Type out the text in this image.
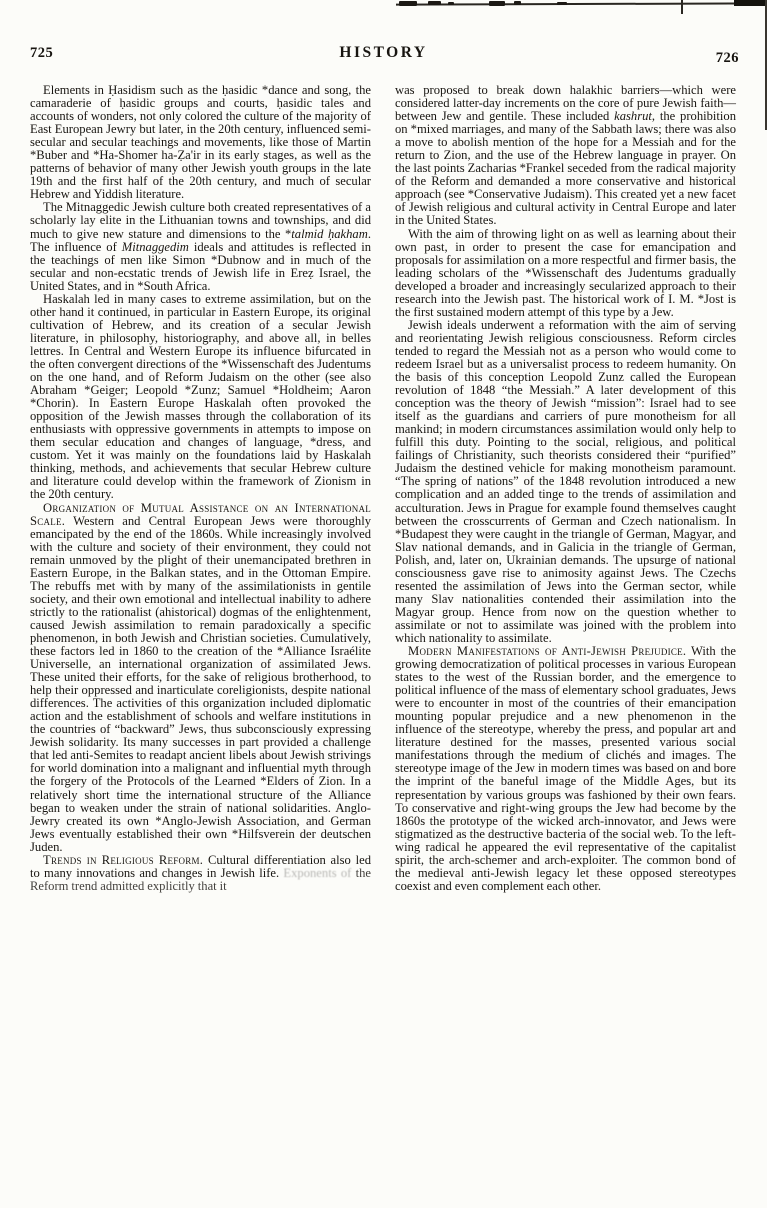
725	HISTORY	726

Elements in Ḥasidism such as the ḥasidic *dance and song, the camaraderie of ḥasidic groups and courts, ḥasidic tales and accounts of wonders, not only colored the culture of the majority of East European Jewry but later, in the 20th century, influenced semi-secular and secular teachings and movements, like those of Martin *Buber and *Ha-Shomer ha-Ẓa'ir in its early stages, as well as the patterns of behavior of many other Jewish youth groups in the late 19th and the first half of the 20th century, and much of secular Hebrew and Yiddish literature.

The Mitnaggedic Jewish culture both created representatives of a scholarly lay elite in the Lithuanian towns and townships, and did much to give new stature and dimensions to the *talmid ḥakham. The influence of Mitnaggedim ideals and attitudes is reflected in the teachings of men like Simon *Dubnow and in much of the secular and non-ecstatic trends of Jewish life in Ereẓ Israel, the United States, and in *South Africa.

Haskalah led in many cases to extreme assimilation, but on the other hand it continued, in particular in Eastern Europe, its original cultivation of Hebrew, and its creation of a secular Jewish literature, in philosophy, historiography, and above all, in belles lettres. In Central and Western Europe its influence bifurcated in the often convergent directions of the *Wissenschaft des Judentums on the one hand, and of Reform Judaism on the other (see also Abraham *Geiger; Leopold *Zunz; Samuel *Holdheim; Aaron *Chorin). In Eastern Europe Haskalah often provoked the opposition of the Jewish masses through the collaboration of its enthusiasts with oppressive governments in attempts to impose on them secular education and changes of language, *dress, and custom. Yet it was mainly on the foundations laid by Haskalah thinking, methods, and achievements that secular Hebrew culture and literature could develop within the framework of Zionism in the 20th century.

Organization of Mutual Assistance on an International Scale. Western and Central European Jews were thoroughly emancipated by the end of the 1860s. While increasingly involved with the culture and society of their environment, they could not remain unmoved by the plight of their unemancipated brethren in Eastern Europe, in the Balkan states, and in the Ottoman Empire. The rebuffs met with by many of the assimilationists in gentile society, and their own emotional and intellectual inability to adhere strictly to the rationalist (ahistorical) dogmas of the enlightenment, caused Jewish assimilation to remain paradoxically a specific phenomenon, in both Jewish and Christian societies. Cumulatively, these factors led in 1860 to the creation of the *Alliance Israélite Universelle, an international organization of assimilated Jews. These united their efforts, for the sake of religious brotherhood, to help their oppressed and inarticulate coreligionists, despite national differences. The activities of this organization included diplomatic action and the establishment of schools and welfare institutions in the countries of “backward” Jews, thus subconsciously expressing Jewish solidarity. Its many successes in part provided a challenge that led anti-Semites to readapt ancient libels about Jewish strivings for world domination into a malignant and influential myth through the forgery of the Protocols of the Learned *Elders of Zion. In a relatively short time the international structure of the Alliance began to weaken under the strain of national solidarities. Anglo-Jewry created its own *Anglo-Jewish Association, and German Jews eventually established their own *Hilfsverein der deutschen Juden.

Trends in Religious Reform. Cultural differentiation also led to many innovations and changes in Jewish life. Exponents of the Reform trend admitted explicitly that it

was proposed to break down halakhic barriers—which were considered latter-day increments on the core of pure Jewish faith—between Jew and gentile. These included kashrut, the prohibition on *mixed marriages, and many of the Sabbath laws; there was also a move to abolish mention of the hope for a Messiah and for the return to Zion, and the use of the Hebrew language in prayer. On the last points Zacharias *Frankel seceded from the radical majority of the Reform and demanded a more conservative and historical approach (see *Conservative Judaism). This created yet a new facet of Jewish religious and cultural activity in Central Europe and later in the United States.

With the aim of throwing light on as well as learning about their own past, in order to present the case for emancipation and proposals for assimilation on a more respectful and firmer basis, the leading scholars of the *Wissenschaft des Judentums gradually developed a broader and increasingly secularized approach to their research into the Jewish past. The historical work of I. M. *Jost is the first sustained modern attempt of this type by a Jew.

Jewish ideals underwent a reformation with the aim of serving and reorientating Jewish religious consciousness. Reform circles tended to regard the Messiah not as a person who would come to redeem Israel but as a universalist process to redeem humanity. On the basis of this conception Leopold Zunz called the European revolution of 1848 “the Messiah.” A later development of this conception was the theory of Jewish “mission”: Israel had to see itself as the guardians and carriers of pure monotheism for all mankind; in modern circumstances assimilation would only help to fulfill this duty. Pointing to the social, religious, and political failings of Christianity, such theorists considered their “purified” Judaism the destined vehicle for making monotheism paramount. “The spring of nations” of the 1848 revolution introduced a new complication and an added tinge to the trends of assimilation and acculturation. Jews in Prague for example found themselves caught between the crosscurrents of German and Czech nationalism. In *Budapest they were caught in the triangle of German, Magyar, and Slav national demands, and in Galicia in the triangle of German, Polish, and, later on, Ukrainian demands. The upsurge of national consciousness gave rise to animosity against Jews. The Czechs resented the assimilation of Jews into the German sector, while many Slav nationalities contended their assimilation into the Magyar group. Hence from now on the question whether to assimilate or not to assimilate was joined with the problem into which nationality to assimilate.

Modern Manifestations of Anti-Jewish Prejudice. With the growing democratization of political processes in various European states to the west of the Russian border, and the emergence to political influence of the mass of elementary school graduates, Jews were to encounter in most of the countries of their emancipation mounting popular prejudice and a new phenomenon in the influence of the stereotype, whereby the press, and popular art and literature destined for the masses, presented various social manifestations through the medium of clichés and images. The stereotype image of the Jew in modern times was based on and bore the imprint of the baneful image of the Middle Ages, but its representation by various groups was fashioned by their own fears. To conservative and right-wing groups the Jew had become by the 1860s the prototype of the wicked arch-innovator, and Jews were stigmatized as the destructive bacteria of the social web. To the left-wing radical he appeared the evil representative of the capitalist spirit, the arch-schemer and arch-exploiter. The common bond of the medieval anti-Jewish legacy let these opposed stereotypes coexist and even complement each other.
